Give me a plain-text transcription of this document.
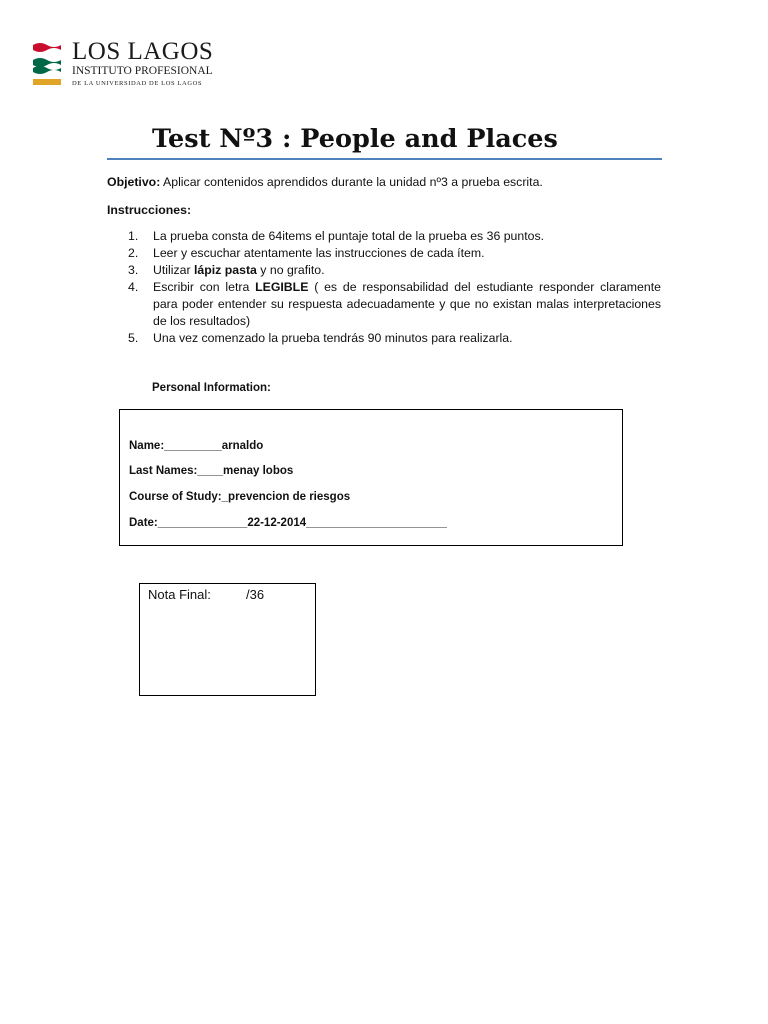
LOS LAGOS
INSTITUTO PROFESIONAL
DE LA UNIVERSIDAD DE LOS LAGOS
Test Nº3 : People and Places
Objetivo: Aplicar contenidos aprendidos durante la unidad nº3 a prueba escrita.
Instrucciones:
1. La prueba consta de 64items el puntaje total de la prueba es 36 puntos.
2. Leer y escuchar atentamente las instrucciones de cada ítem.
3. Utilizar lápiz pasta y no grafito.
4. Escribir con letra LEGIBLE ( es de responsabilidad del estudiante responder claramente para poder entender su respuesta adecuadamente y que no existan malas interpretaciones de los resultados)
5. Una vez comenzado la prueba tendrás 90 minutos para realizarla.
Personal Information:
Name:_________arnaldo
Last Names:____menay lobos
Course of Study:_prevencion de riesgos
Date:______________22-12-2014______________________
Nota Final:	/36
